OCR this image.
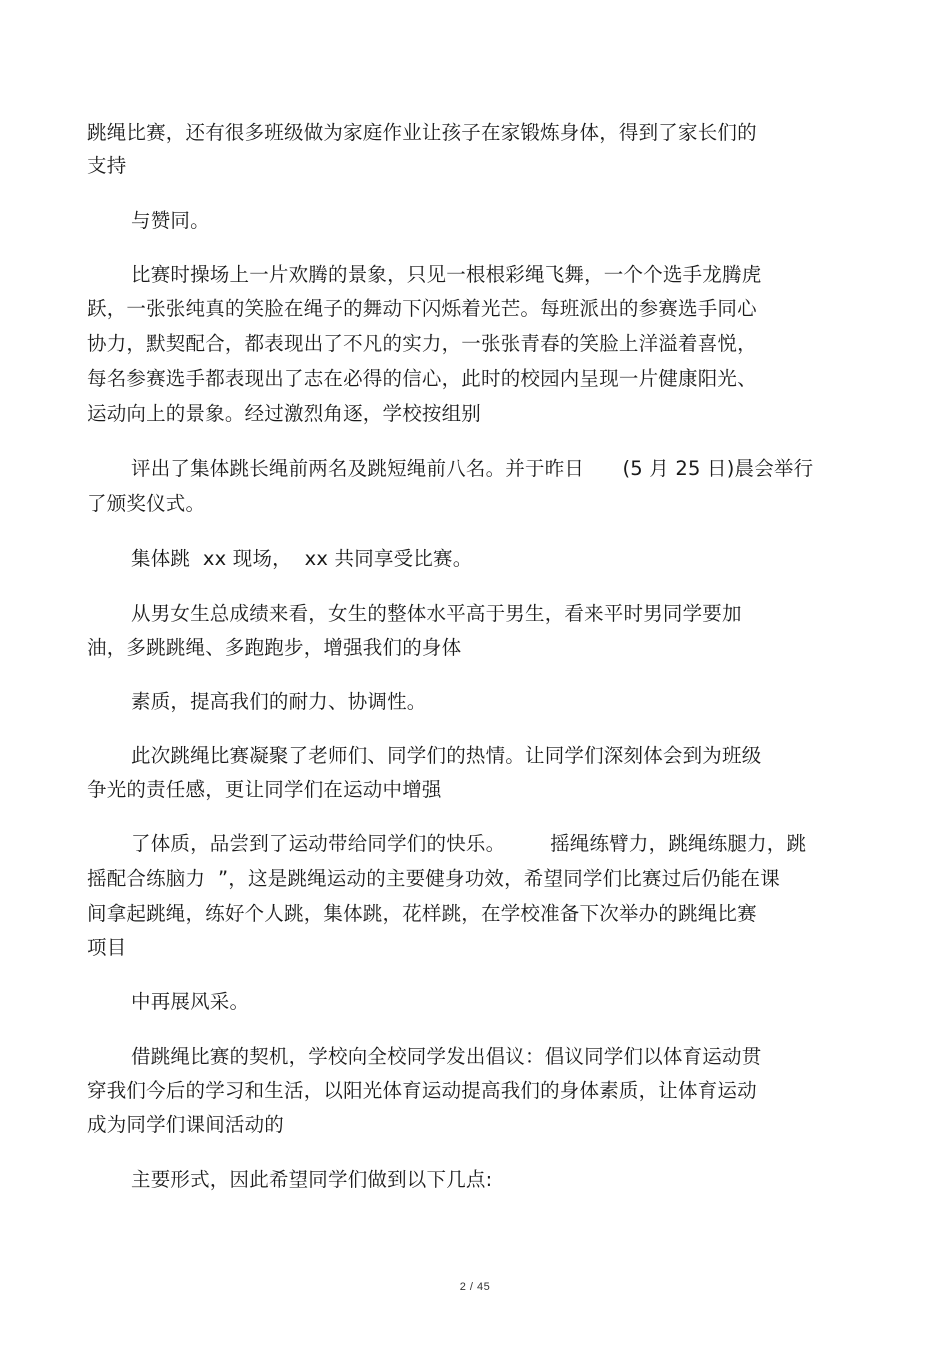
跳绳比赛，还有很多班级做为家庭作业让孩子在家锻炼身体，得到了家长们的
支持
与赞同。
比赛时操场上一片欢腾的景象，只见一根根彩绳飞舞，一个个选手龙腾虎
跃，一张张纯真的笑脸在绳子的舞动下闪烁着光芒。每班派出的参赛选手同心
协力，默契配合，都表现出了不凡的实力，一张张青春的笑脸上洋溢着喜悦，
每名参赛选手都表现出了志在必得的信心，此时的校园内呈现一片健康阳光、
运动向上的景象。经过激烈角逐，学校按组别
评出了集体跳长绳前两名及跳短绳前八名。并于昨日      (5 月 25 日)晨会举行
了颁奖仪式。
集体跳  xx 现场，  xx 共同享受比赛。
从男女生总成绩来看，女生的整体水平高于男生，看来平时男同学要加
油，多跳跳绳、多跑跑步，增强我们的身体
素质，提高我们的耐力、协调性。
此次跳绳比赛凝聚了老师们、同学们的热情。让同学们深刻体会到为班级
争光的责任感，更让同学们在运动中增强
了体质，品尝到了运动带给同学们的快乐。       摇绳练臂力，跳绳练腿力，跳
摇配合练脑力  ”，这是跳绳运动的主要健身功效，希望同学们比赛过后仍能在课
间拿起跳绳，练好个人跳，集体跳，花样跳，在学校准备下次举办的跳绳比赛
项目
中再展风采。
借跳绳比赛的契机，学校向全校同学发出倡议：倡议同学们以体育运动贯
穿我们今后的学习和生活，以阳光体育运动提高我们的身体素质，让体育运动
成为同学们课间活动的
主要形式，因此希望同学们做到以下几点:
2 / 45
